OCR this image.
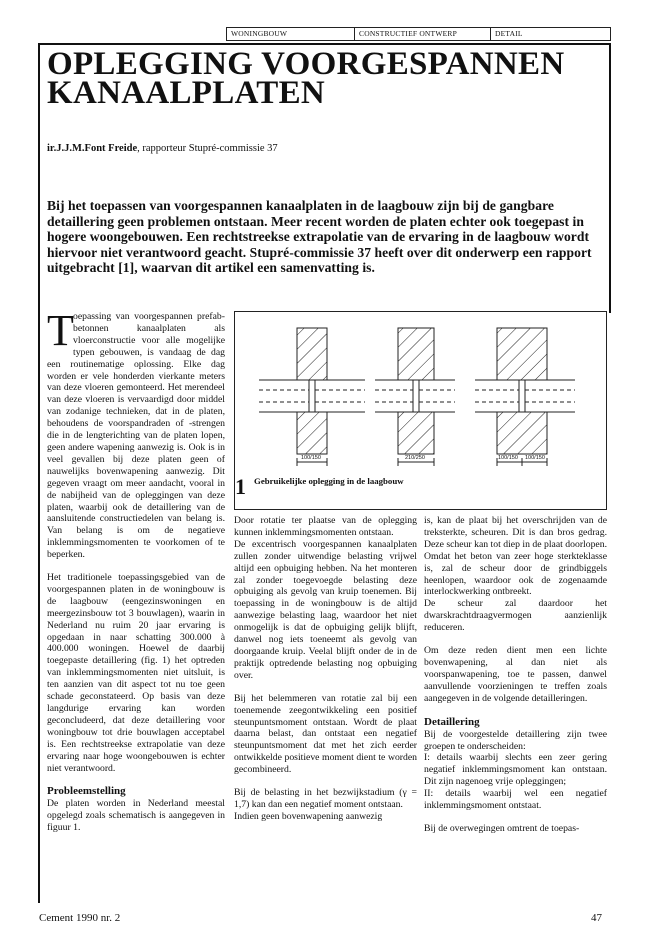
WONINGBOUW	CONSTRUCTIEF ONTWERP	DETAIL
OPLEGGING VOORGESPANNEN
KANAALPLATEN
ir.J.J.M.Font Freide, rapporteur Stupré-commissie 37
Bij het toepassen van voorgespannen kanaalplaten in de laagbouw zijn bij de gangbare detaillering geen problemen ontstaan. Meer recent worden de platen echter ook toegepast in hogere woongebouwen. Een rechtstreekse extrapolatie van de ervaring in de laagbouw wordt hiervoor niet verantwoord geacht. Stupré-commissie 37 heeft over dit onderwerp een rapport uitgebracht [1], waarvan dit artikel een samenvatting is.

Toepassing van voorgespannen prefab-betonnen kanaalplaten als vloerconstructie voor alle mogelijke typen gebouwen, is vandaag de dag een routinematige oplossing. Elke dag worden er vele honderden vierkante meters van deze vloeren gemonteerd. Het merendeel van deze vloeren is vervaardigd door middel van zodanige technieken, dat in de platen, behoudens de voorspandraden of -strengen die in de lengterichting van de platen lopen, geen andere wapening aanwezig is. Ook is in veel gevallen bij deze platen geen of nauwelijks bovenwapening aanwezig. Dit gegeven vraagt om meer aandacht, vooral in de nabijheid van de opleggingen van deze platen, waarbij ook de detaillering van de aansluitende constructiedelen van belang is. Van belang is om de negatieve inklemmingsmomenten te voorkomen of te beperken.

Het traditionele toepassingsgebied van de voorgespannen platen in de woningbouw is de laagbouw (eengezinswoningen en meergezinsbouw tot 3 bouwlagen), waarin in Nederland nu ruim 20 jaar ervaring is opgedaan in naar schatting 300.000 à 400.000 woningen. Hoewel de daarbij toegepaste detaillering (fig. 1) het optreden van inklemmingsmomenten niet uitsluit, is ten aanzien van dit aspect tot nu toe geen schade geconstateerd. Op basis van deze langdurige ervaring kan worden geconcludeerd, dat deze detaillering voor woningbouw tot drie bouwlagen acceptabel is. Een rechtstreekse extrapolatie van deze ervaring naar hoge woongebouwen is echter niet verantwoord.

Probleemstelling

De platen worden in Nederland meestal opgelegd zoals schematisch is aangegeven in figuur 1.

100/150	210/250	100/150 100/150
1 Gebruikelijke oplegging in de laagbouw

Door rotatie ter plaatse van de oplegging kunnen inklemmingsmomenten ontstaan.

De excentrisch voorgespannen kanaalplaten zullen zonder uitwendige belasting vrijwel altijd een opbuiging hebben. Na het monteren zal zonder toegevoegde belasting deze opbuiging als gevolg van kruip toenemen. Bij toepassing in de woningbouw is de altijd aanwezige belasting laag, waardoor het niet onmogelijk is dat de opbuiging gelijk blijft, danwel nog iets toeneemt als gevolg van doorgaande kruip. Veelal blijft onder de in de praktijk optredende belasting nog opbuiging over.

Bij het belemmeren van rotatie zal bij een toenemende zeegontwikkeling een positief steunpuntsmoment ontstaan. Wordt de plaat daarna belast, dan ontstaat een negatief steunpuntsmoment dat met het zich eerder ontwikkelde positieve moment dient te worden gecombineerd.

Bij de belasting in het bezwijkstadium (γ = 1,7) kan dan een negatief moment ontstaan.

Indien geen bovenwapening aanwezig

is, kan de plaat bij het overschrijden van de treksterkte, scheuren. Dit is dan bros gedrag. Deze scheur kan tot diep in de plaat doorlopen. Omdat het beton van zeer hoge sterkteklasse is, zal de scheur door de grindbiggels heenlopen, waardoor ook de zogenaamde interlockwerking ontbreekt.

De scheur zal daardoor het dwarskrachtdraagvermogen aanzienlijk reduceren.

Om deze reden dient men een lichte bovenwapening, al dan niet als voorspanwapening, toe te passen, danwel aanvullende voorzieningen te treffen zoals aangegeven in de volgende detailleringen.

Detaillering

Bij de voorgestelde detaillering zijn twee groepen te onderscheiden:

I: details waarbij slechts een zeer gering negatief inklemmingsmoment kan ontstaan. Dit zijn nagenoeg vrije opleggingen;

II: details waarbij wel een negatief inklemmingsmoment ontstaat.

Bij de overwegingen omtrent de toepas-

Cement 1990 nr. 2	47
